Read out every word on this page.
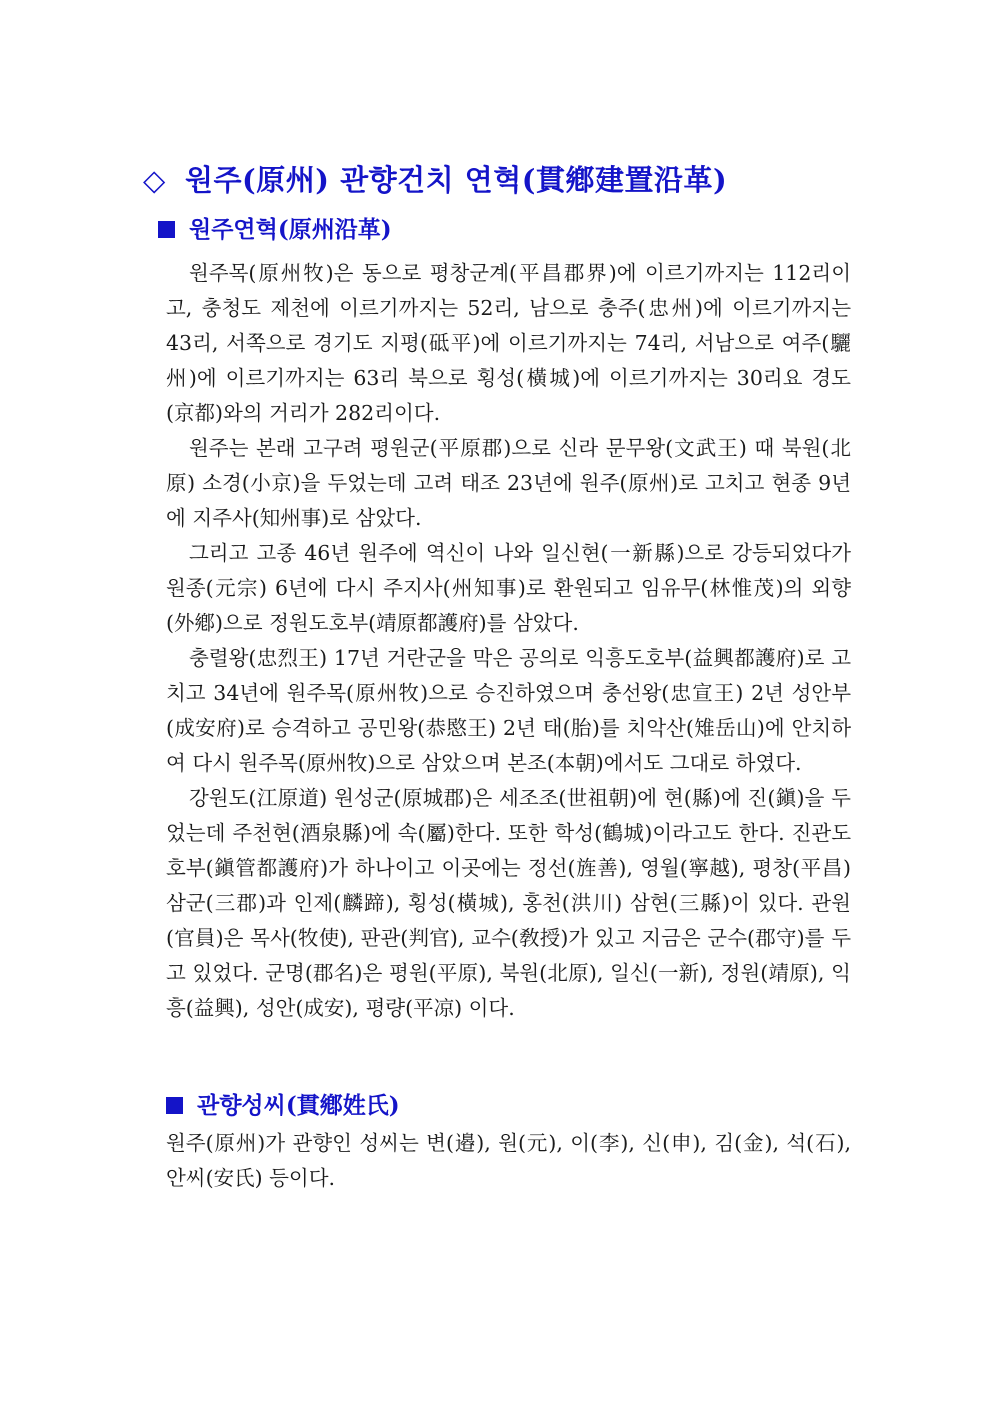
◇ 원주(原州) 관향건치 연혁(貫鄕建置沿革)
원주연혁(原州沿革)

원주목(原州牧)은 동으로 평창군계(平昌郡界)에 이르기까지는 112리이고, 충청도 제천에 이르기까지는 52리, 남으로 충주(忠州)에 이르기까지는 43리, 서쪽으로 경기도 지평(砥平)에 이르기까지는 74리, 서남으로 여주(驪州)에 이르기까지는 63리 북으로 횡성(橫城)에 이르기까지는 30리요 경도(京都)와의 거리가 282리이다.

원주는 본래 고구려 평원군(平原郡)으로 신라 문무왕(文武王) 때 북원(北原) 소경(小京)을 두었는데 고려 태조 23년에 원주(原州)로 고치고 현종 9년에 지주사(知州事)로 삼았다.

그리고 고종 46년 원주에 역신이 나와 일신현(一新縣)으로 강등되었다가 원종(元宗) 6년에 다시 주지사(州知事)로 환원되고 임유무(林惟茂)의 외향(外鄕)으로 정원도호부(靖原都護府)를 삼았다.

충렬왕(忠烈王) 17년 거란군을 막은 공의로 익흥도호부(益興都護府)로 고치고 34년에 원주목(原州牧)으로 승진하였으며 충선왕(忠宣王) 2년 성안부(成安府)로 승격하고 공민왕(恭愍王) 2년 태(胎)를 치악산(雉岳山)에 안치하여 다시 원주목(原州牧)으로 삼았으며 본조(本朝)에서도 그대로 하였다.

강원도(江原道) 원성군(原城郡)은 세조조(世祖朝)에 현(縣)에 진(鎭)을 두었는데 주천현(酒泉縣)에 속(屬)한다. 또한 학성(鶴城)이라고도 한다. 진관도호부(鎭管都護府)가 하나이고 이곳에는 정선(旌善), 영월(寧越), 평창(平昌) 삼군(三郡)과 인제(麟蹄), 횡성(橫城), 홍천(洪川) 삼현(三縣)이 있다. 관원(官員)은 목사(牧使), 판관(判官), 교수(敎授)가 있고 지금은 군수(郡守)를 두고 있었다. 군명(郡名)은 평원(平原), 북원(北原), 일신(一新), 정원(靖原), 익흥(益興), 성안(成安), 평량(平凉) 이다.

관향성씨(貫鄕姓氏)

원주(原州)가 관향인 성씨는 변(邉), 원(元), 이(李), 신(申), 김(金), 석(石), 안씨(安氏) 등이다.
